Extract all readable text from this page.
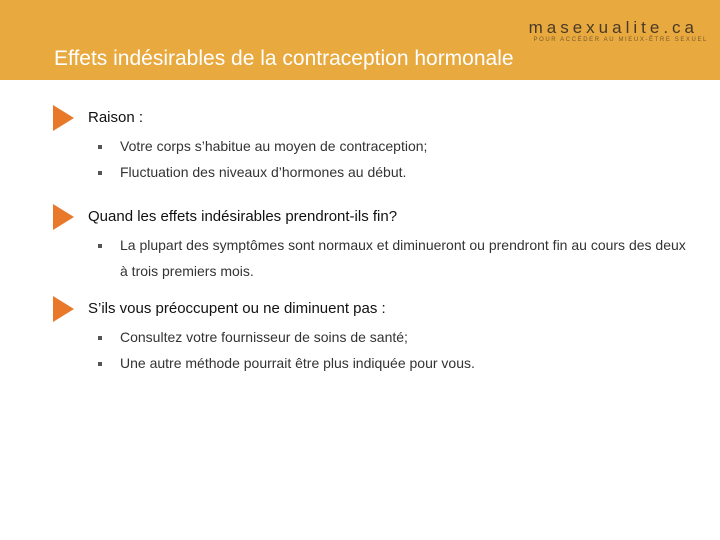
masexualite.ca
POUR ACCÉDER AU MIEUX-ÊTRE SEXUEL
Effets indésirables de la contraception hormonale
Raison :
Votre corps s’habitue au moyen de contraception;
Fluctuation des niveaux d’hormones au début.
Quand les effets indésirables prendront-ils fin?
La plupart des symptômes sont normaux et diminueront ou prendront fin au cours des deux à trois premiers mois.
S’ils vous préoccupent ou ne diminuent pas :
Consultez votre fournisseur de soins de santé;
Une autre méthode pourrait être plus indiquée pour vous.
